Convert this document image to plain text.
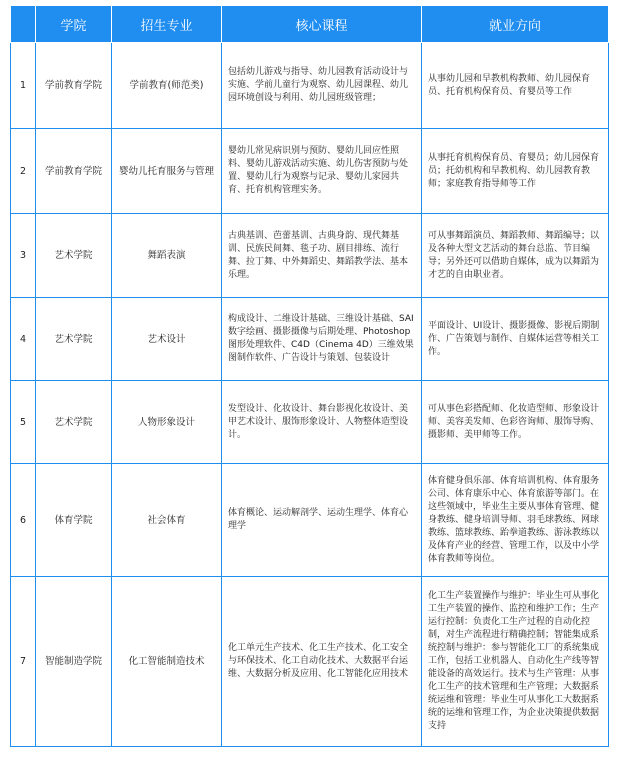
	学院	招生专业	核心课程	就业方向
1	学前教育学院	学前教育(师范类)	包括幼儿游戏与指导、幼儿园教育活动设计与实施、学前儿童行为观察、幼儿园课程、幼儿园环境创设与利用、幼儿园班级管理；	从事幼儿园和早教机构教师、幼儿园保育员、托育机构保育员、育婴员等工作
2	学前教育学院	婴幼儿托育服务与管理	婴幼儿常见病识别与预防、婴幼儿回应性照料、婴幼儿游戏活动实施、幼儿伤害预防与处置、婴幼儿行为观察与记录、婴幼儿家园共育、托育机构管理实务。	从事托育机构保育员、育婴员；幼儿园保育员；托幼机构和早教机构、幼儿园教育教师；家庭教育指导师等工作
3	艺术学院	舞蹈表演	古典基训、芭蕾基训、古典身韵、现代舞基训、民族民间舞、毯子功、剧目排练、流行舞、拉丁舞、中外舞蹈史、舞蹈教学法、基本乐理。	可从事舞蹈演员、舞蹈教师、舞蹈编导；以及各种大型文艺活动的舞台总监、节目编导；另外还可以借助自媒体，成为以舞蹈为才艺的自由职业者。
4	艺术学院	艺术设计	构成设计、二维设计基础、三维设计基础、SAI数字绘画、摄影摄像与后期处理、Photoshop图形处理软件、C4D（Cinema 4D）三维效果图制作软件、广告设计与策划、包装设计	平面设计、UI设计、摄影摄像、影视后期制作、广告策划与制作、自媒体运营等相关工作。
5	艺术学院	人物形象设计	发型设计、化妆设计、舞台影视化妆设计、美甲艺术设计、服饰形象设计、人物整体造型设计。	可从事色彩搭配师、化妆造型师、形象设计师、美容美发师、色彩咨询师、服饰导购、摄影师、美甲师等工作。
6	体育学院	社会体育	体育概论、运动解剖学、运动生理学、体育心理学	体育健身俱乐部、体育培训机构、体育服务公司、体育康乐中心、体育旅游等部门。在这些领域中，毕业生主要从事体育管理、健身教练、健身培训导师、羽毛球教练、网球教练、篮球教练、跆拳道教练、游泳教练以及体育产业的经营、管理工作，以及中小学体育教师等岗位。
7	智能制造学院	化工智能制造技术	化工单元生产技术、化工生产技术、化工安全与环保技术、化工自动化技术、大数据平台运维、大数据分析及应用、化工智能化应用技术	化工生产装置操作与维护：毕业生可从事化工生产装置的操作、监控和维护工作；生产运行控制：负责化工生产过程的自动化控制，对生产流程进行精确控制；智能集成系统控制与维护：参与智能化工厂的系统集成工作，包括工业机器人、自动化生产线等智能设备的高效运行。技术与生产管理：从事化工生产的技术管理和生产管理；大数据系统运维和管理：毕业生可从事化工大数据系统的运维和管理工作，为企业决策提供数据支持
